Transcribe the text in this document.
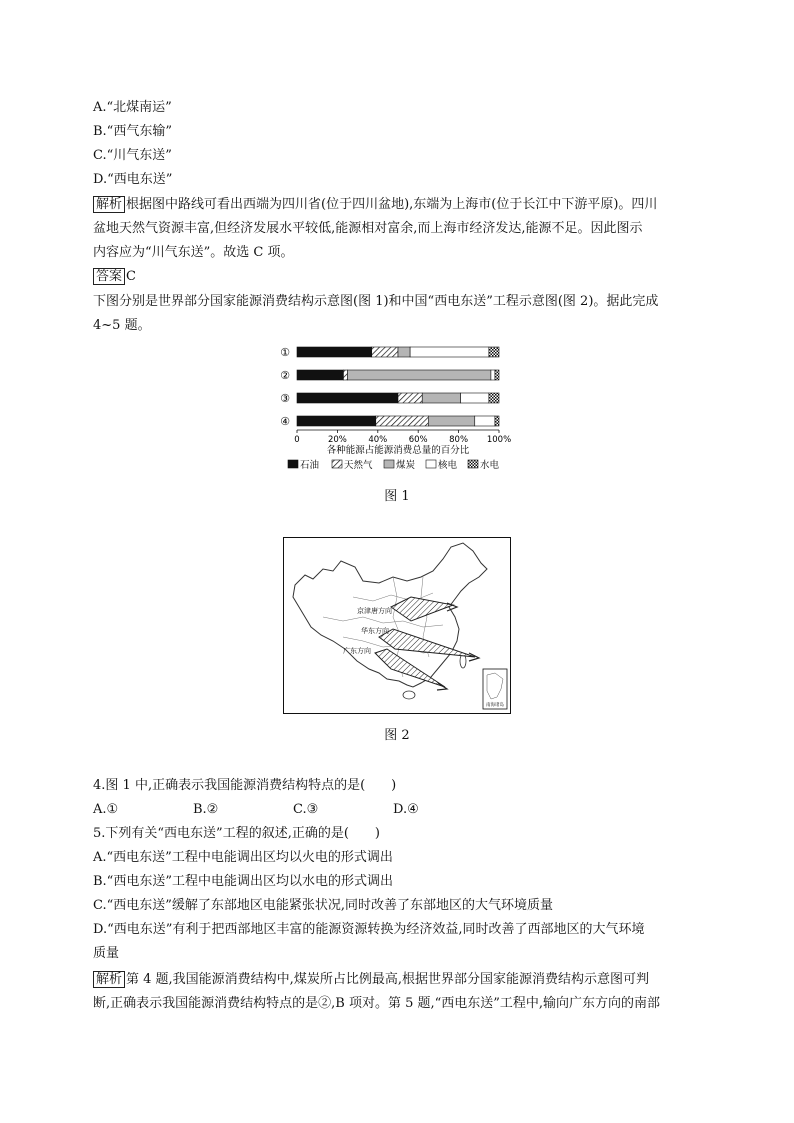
A.“北煤南运”
B.“西气东输”
C.“川气东送”
D.“西电东送”
解析 根据图中路线可看出西端为四川省(位于四川盆地),东端为上海市(位于长江中下游平原)。四川
盆地天然气资源丰富,但经济发展水平较低,能源相对富余,而上海市经济发达,能源不足。因此图示
内容应为“川气东送”。故选 C 项。
答案 C
下图分别是世界部分国家能源消费结构示意图(图 1)和中国“西电东送”工程示意图(图 2)。据此完成
4~5 题。
①
②
③
④
0	20%	40%	60%	80% 100%
各种能源占能源消费总量的百分比
石油	天然气 煤炭 核电 水电
图 1
京津唐方向
华东方向
广东方向
南海诸岛
图 2
4.图 1 中,正确表示我国能源消费结构特点的是(　　)
A.①	B.②	C.③	D.④
5.下列有关“西电东送”工程的叙述,正确的是(　　)
A.“西电东送”工程中电能调出区均以火电的形式调出
B.“西电东送”工程中电能调出区均以水电的形式调出
C.“西电东送”缓解了东部地区电能紧张状况,同时改善了东部地区的大气环境质量
D.“西电东送”有利于把西部地区丰富的能源资源转换为经济效益,同时改善了西部地区的大气环境
质量
解析 第 4 题,我国能源消费结构中,煤炭所占比例最高,根据世界部分国家能源消费结构示意图可判
断,正确表示我国能源消费结构特点的是②,B 项对。第 5 题,“西电东送”工程中,输向广东方向的南部
